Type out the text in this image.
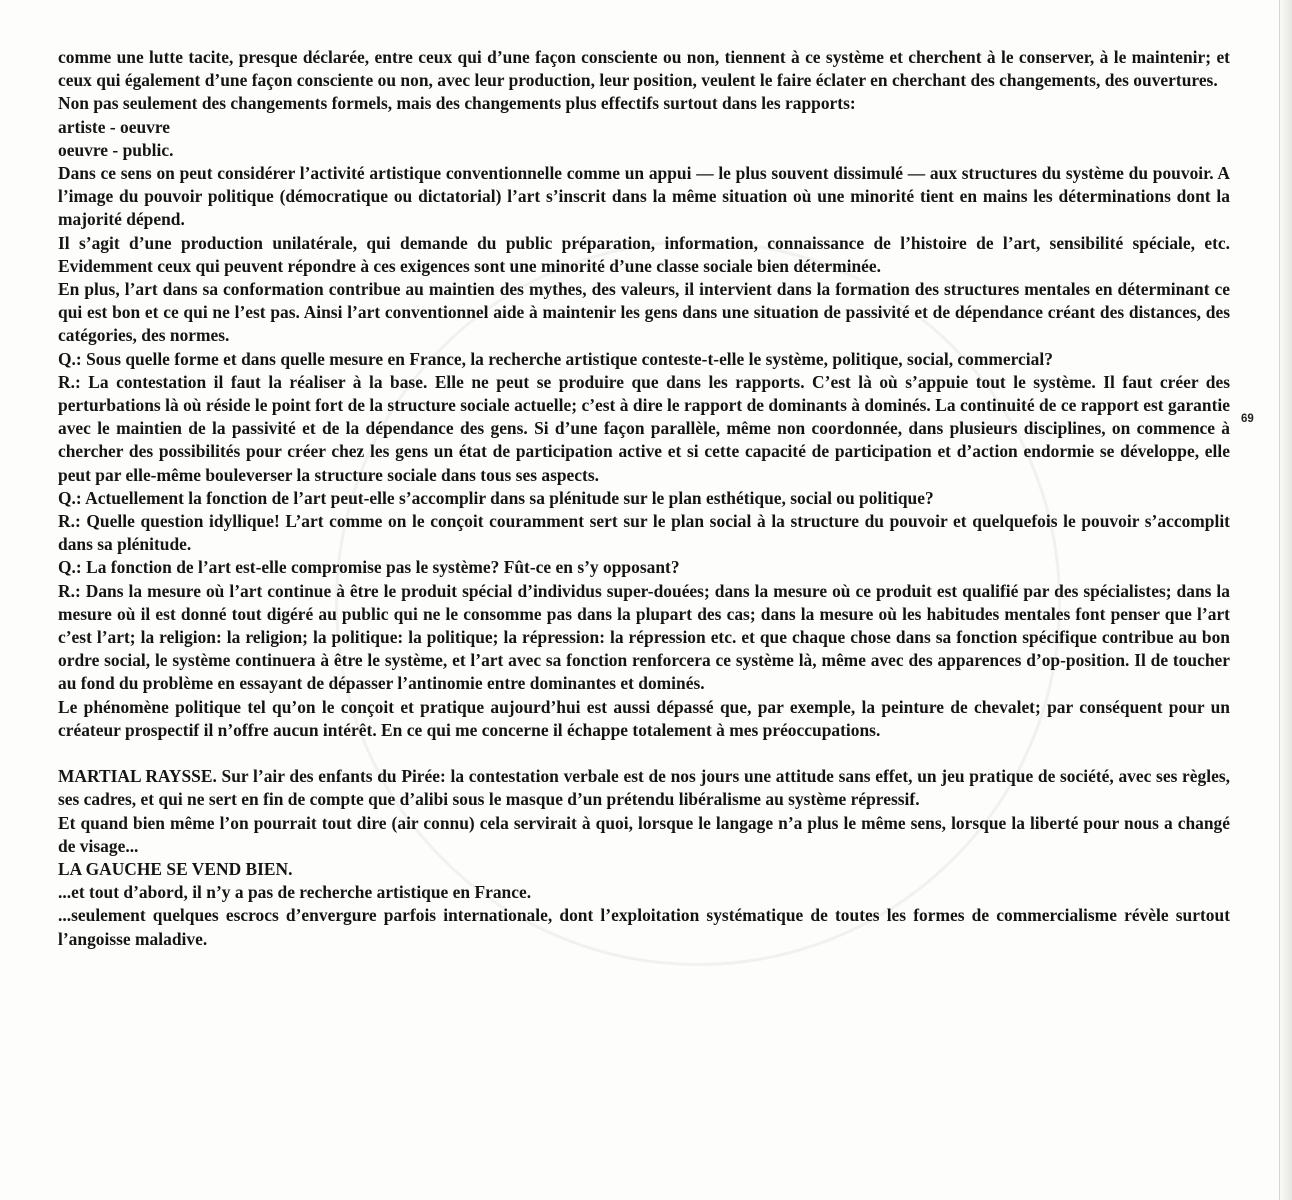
comme une lutte tacite, presque déclarée, entre ceux qui d’une façon consciente ou non, tiennent à ce système et cherchent à le conserver, à le maintenir; et ceux qui également d’une façon consciente ou non, avec leur production, leur position, veulent le faire éclater en cherchant des changements, des ouvertures.

Non pas seulement des changements formels, mais des changements plus effectifs surtout dans les rapports:

artiste - oeuvre

oeuvre - public.

Dans ce sens on peut considérer l’activité artistique conventionnelle comme un appui — le plus souvent dissimulé — aux structures du système du pouvoir. A l’image du pouvoir politique (démocratique ou dictatorial) l’art s’inscrit dans la même situation où une minorité tient en mains les déterminations dont la majorité dépend.

Il s’agit d’une production unilatérale, qui demande du public préparation, information, connaissance de l’histoire de l’art, sensibilité spéciale, etc. Evidemment ceux qui peuvent répondre à ces exigences sont une minorité d’une classe sociale bien déterminée.

En plus, l’art dans sa conformation contribue au maintien des mythes, des valeurs, il intervient dans la formation des structures mentales en déterminant ce qui est bon et ce qui ne l’est pas. Ainsi l’art conventionnel aide à maintenir les gens dans une situation de passivité et de dépendance créant des distances, des catégories, des normes.

Q.: Sous quelle forme et dans quelle mesure en France, la recherche artistique conteste-t-elle le système, politique, social, commercial?

R.: La contestation il faut la réaliser à la base. Elle ne peut se produire que dans les rapports. C’est là où s’appuie tout le système. Il faut créer des perturbations là où réside le point fort de la structure sociale actuelle; c’est à dire le rapport de dominants à dominés. La continuité de ce rapport est garantie avec le maintien de la passivité et de la dépendance des gens. Si d’une façon parallèle, même non coordonnée, dans plusieurs disciplines, on commence à chercher des possibilités pour créer chez les gens un état de participation active et si cette capacité de participation et d’action endormie se développe, elle peut par elle-même bouleverser la structure sociale dans tous ses aspects.

Q.: Actuellement la fonction de l’art peut-elle s’accomplir dans sa plénitude sur le plan esthétique, social ou politique?

R.: Quelle question idyllique! L’art comme on le conçoit couramment sert sur le plan social à la structure du pouvoir et quelquefois le pouvoir s’accomplit dans sa plénitude.

Q.: La fonction de l’art est-elle compromise pas le système? Fût-ce en s’y opposant?

R.: Dans la mesure où l’art continue à être le produit spécial d’individus super-douées; dans la mesure où ce produit est qualifié par des spécialistes; dans la mesure où il est donné tout digéré au public qui ne le consomme pas dans la plupart des cas; dans la mesure où les habitudes mentales font penser que l’art c’est l’art; la religion: la religion; la politique: la politique; la répression: la répression etc. et que chaque chose dans sa fonction spécifique contribue au bon ordre social, le système continuera à être le système, et l’art avec sa fonction renforcera ce système là, même avec des apparences d’op-position. Il de toucher au fond du problème en essayant de dépasser l’antinomie entre dominantes et dominés.

Le phénomène politique tel qu’on le conçoit et pratique aujourd’hui est aussi dépassé que, par exemple, la peinture de chevalet; par conséquent pour un créateur prospectif il n’offre aucun intérêt. En ce qui me concerne il échappe totalement à mes préoccupations.

MARTIAL RAYSSE. Sur l’air des enfants du Pirée: la contestation verbale est de nos jours une attitude sans effet, un jeu pratique de société, avec ses règles, ses cadres, et qui ne sert en fin de compte que d’alibi sous le masque d’un prétendu libéralisme au système répressif.

Et quand bien même l’on pourrait tout dire (air connu) cela servirait à quoi, lorsque le langage n’a plus le même sens, lorsque la liberté pour nous a changé de visage...

LA GAUCHE SE VEND BIEN.

...et tout d’abord, il n’y a pas de recherche artistique en France.

...seulement quelques escrocs d’envergure parfois internationale, dont l’exploitation systématique de toutes les formes de commercialisme révèle surtout l’angoisse maladive.

69
